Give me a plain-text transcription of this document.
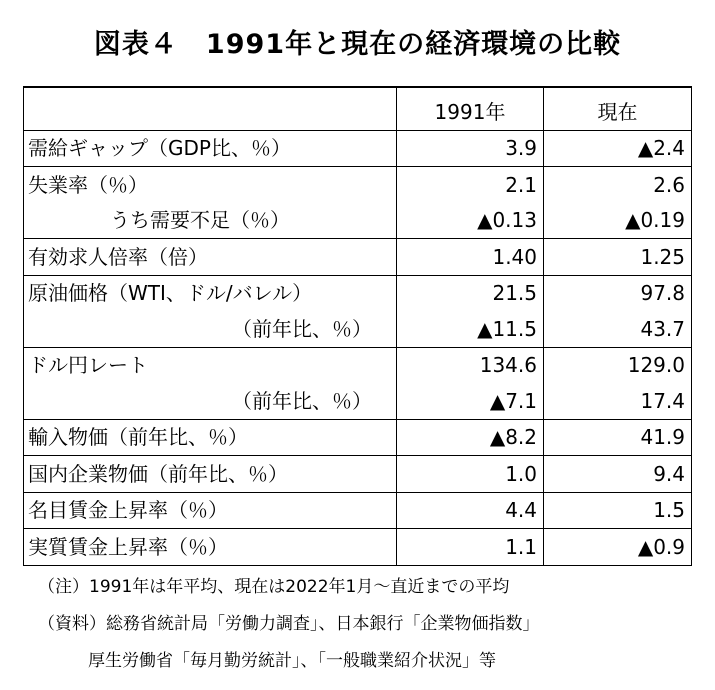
図表４　1991年と現在の経済環境の比較
	1991年	現在
需給ギャップ（GDP比、％）	3.9	▲2.4
失業率（％）	2.1	2.6
うち需要不足（％）	▲0.13	▲0.19
有効求人倍率（倍）	1.40	1.25
原油価格（WTI、ドル/バレル）	21.5	97.8
（前年比、％）	▲11.5	43.7
ドル円レート	134.6	129.0
（前年比、％）	▲7.1	17.4
輸入物価（前年比、％）	▲8.2	41.9
国内企業物価（前年比、％）	1.0	9.4
名目賃金上昇率（％）	4.4	1.5
実質賃金上昇率（％）	1.1	▲0.9
（注）1991年は年平均、現在は2022年1月～直近までの平均
（資料）総務省統計局「労働力調査」、日本銀行「企業物価指数」
厚生労働省「毎月勤労統計」、「一般職業紹介状況」等
